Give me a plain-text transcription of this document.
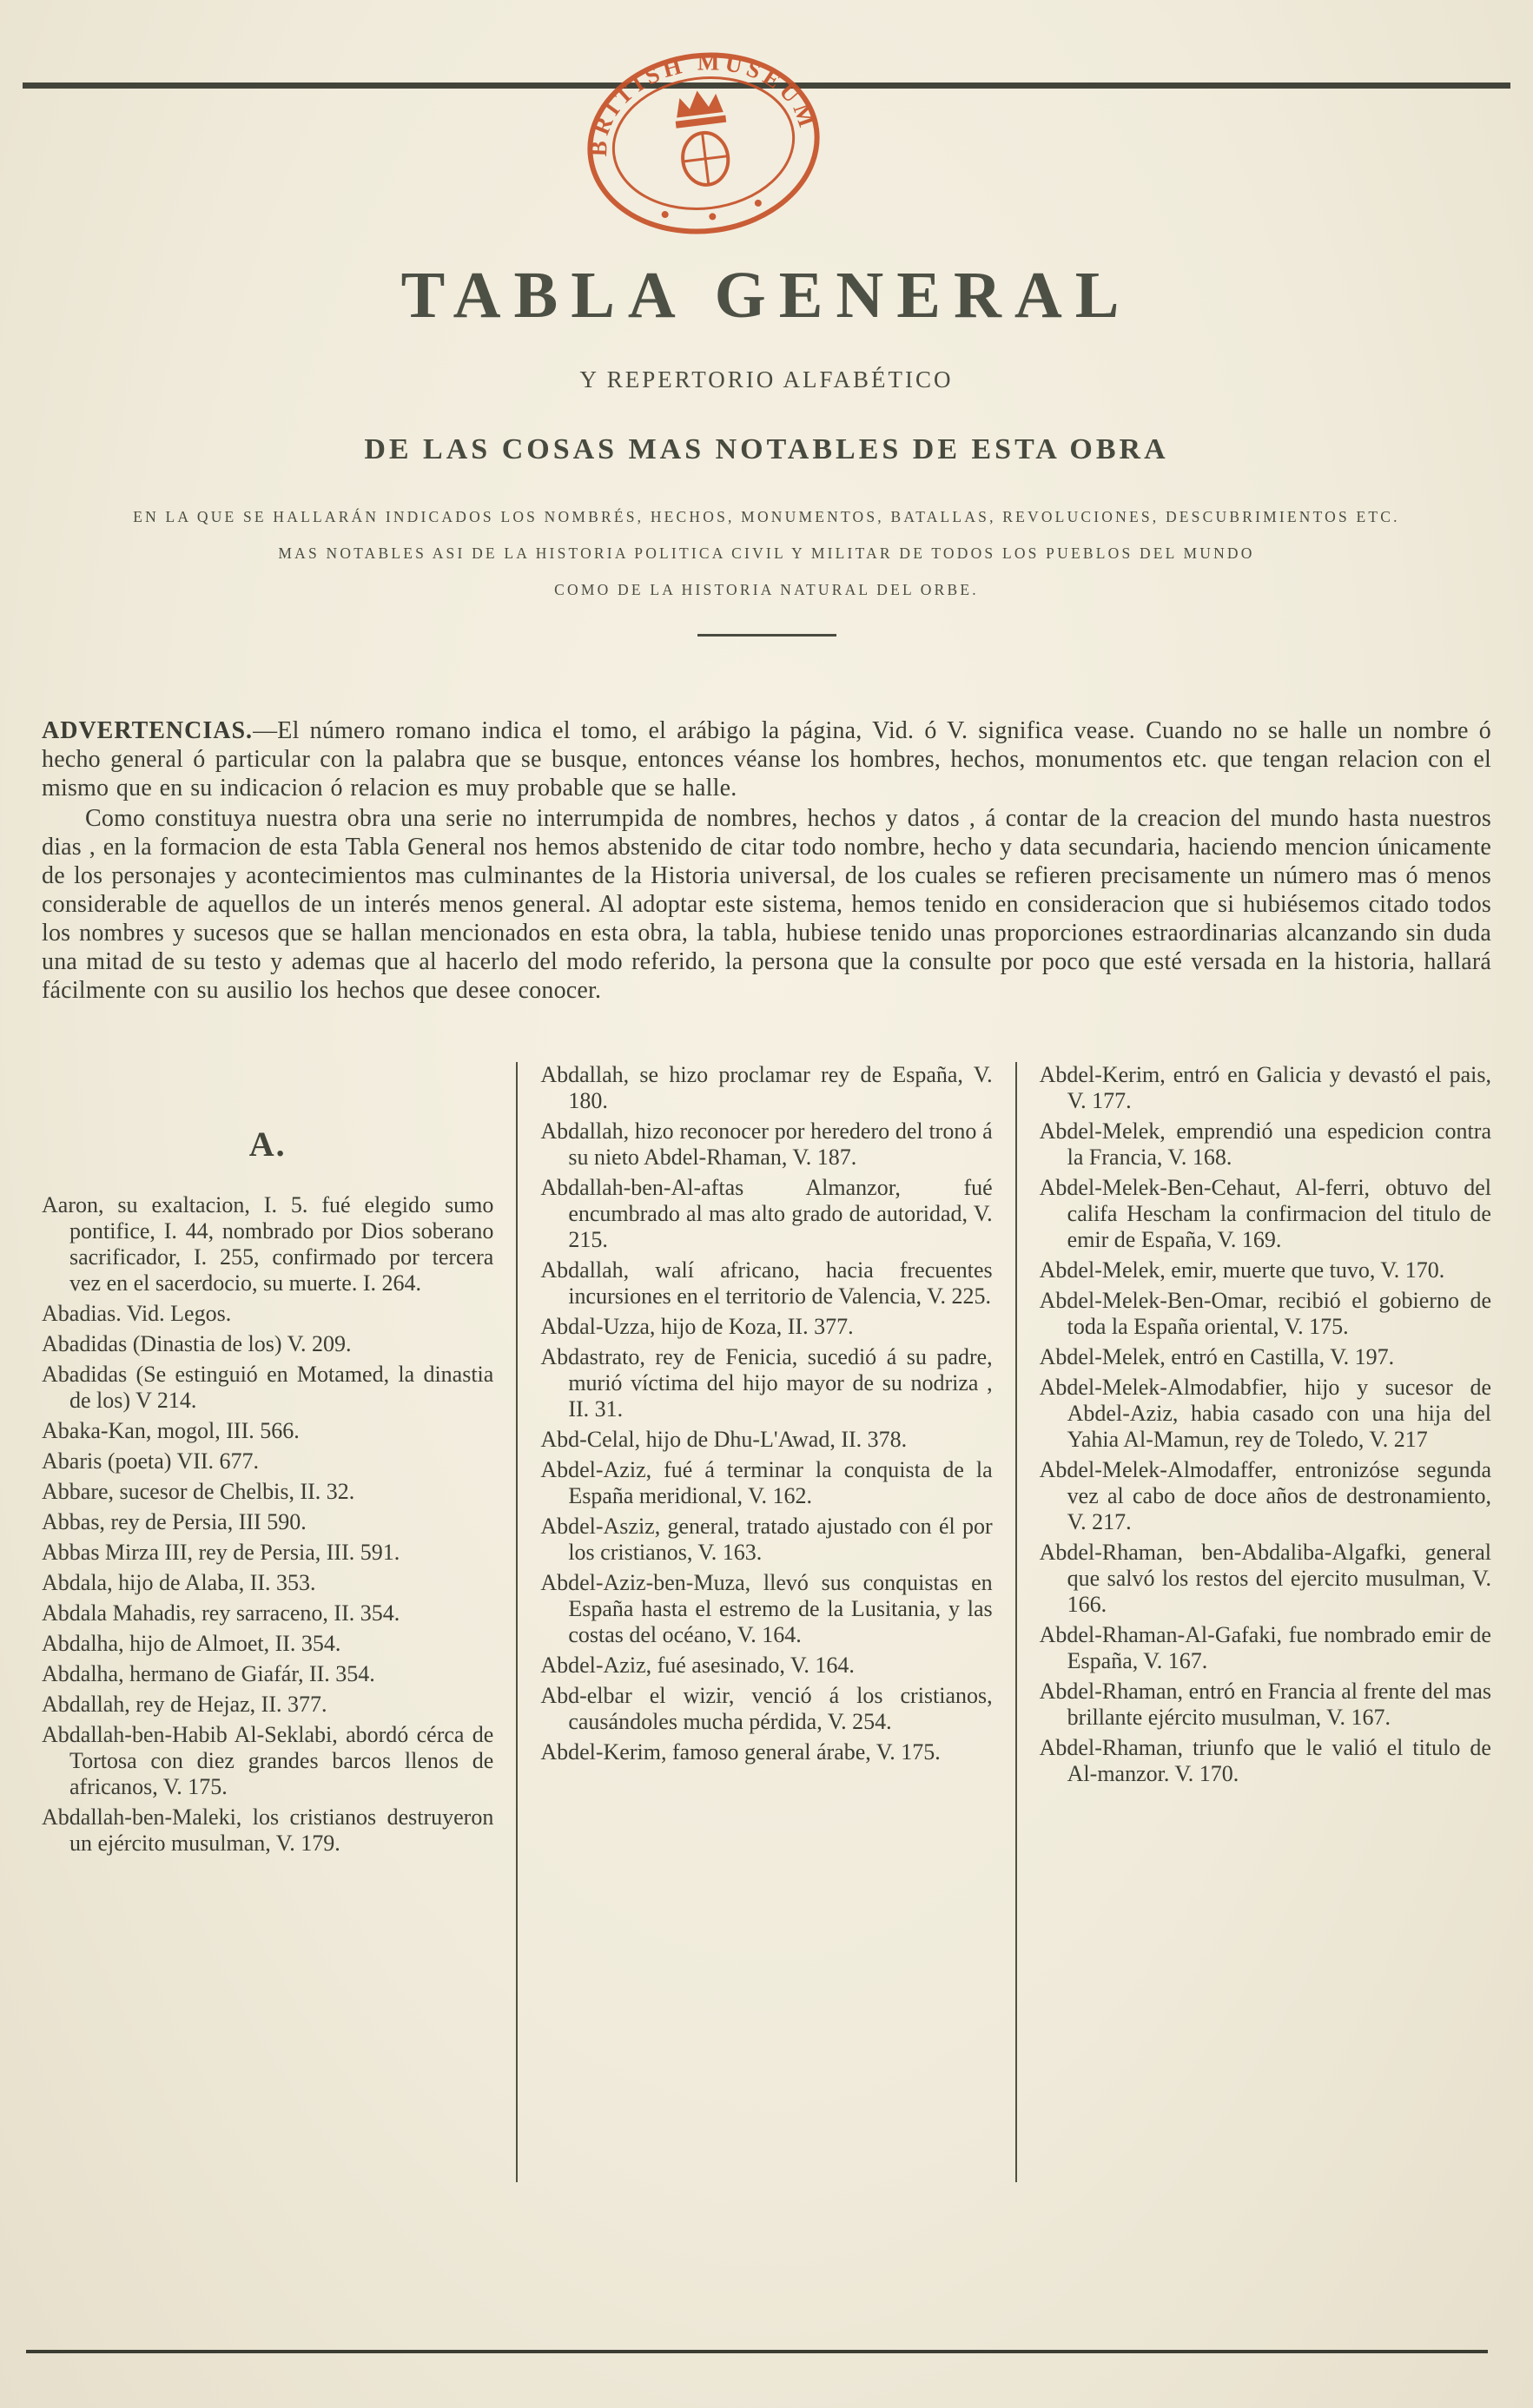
BRITISH MUSEUM
TABLA GENERAL
Y REPERTORIO ALFABÉTICO
DE LAS COSAS MAS NOTABLES DE ESTA OBRA

EN LA QUE SE HALLARÁN INDICADOS LOS NOMBRÉS, HECHOS, MONUMENTOS, BATALLAS, REVOLUCIONES, DESCUBRIMIENTOS ETC.

MAS NOTABLES ASI DE LA HISTORIA POLITICA CIVIL Y MILITAR DE TODOS LOS PUEBLOS DEL MUNDO

COMO DE LA HISTORIA NATURAL DEL ORBE.

ADVERTENCIAS.—El número romano indica el tomo, el arábigo la página, Vid. ó V. significa vease. Cuando no se halle un nombre ó hecho general ó particular con la palabra que se busque, entonces véanse los hombres, hechos, monumentos etc. que tengan relacion con el mismo que en su indicacion ó relacion es muy probable que se halle.

Como constituya nuestra obra una serie no interrumpida de nombres, hechos y datos , á contar de la creacion del mundo hasta nuestros dias , en la formacion de esta Tabla General nos hemos abstenido de citar todo nombre, hecho y data secundaria, haciendo mencion únicamente de los personajes y acontecimientos mas culminantes de la Historia universal, de los cuales se refieren precisamente un número mas ó menos considerable de aquellos de un interés menos general. Al adoptar este sistema, hemos tenido en consideracion que si hubiésemos citado todos los nombres y sucesos que se hallan mencionados en esta obra, la tabla, hubiese tenido unas proporciones estraordinarias alcanzando sin duda una mitad de su testo y ademas que al hacerlo del modo referido, la persona que la consulte por poco que esté versada en la historia, hallará fácilmente con su ausilio los hechos que desee conocer.

A.

Aaron, su exaltacion, I. 5. fué elegido sumo pontifice, I. 44, nombrado por Dios soberano sacrificador, I. 255, confirmado por tercera vez en el sacerdocio, su muerte. I. 264.

Abadias. Vid. Legos.

Abadidas (Dinastia de los) V. 209.

Abadidas (Se estinguió en Motamed, la dinastia de los) V 214.

Abaka-Kan, mogol, III. 566.

Abaris (poeta) VII. 677.

Abbare, sucesor de Chelbis, II. 32.

Abbas, rey de Persia, III 590.

Abbas Mirza III, rey de Persia, III. 591.

Abdala, hijo de Alaba, II. 353.

Abdala Mahadis, rey sarraceno, II. 354.

Abdalha, hijo de Almoet, II. 354.

Abdalha, hermano de Giafár, II. 354.

Abdallah, rey de Hejaz, II. 377.

Abdallah-ben-Habib Al-Seklabi, abordó cérca de Tortosa con diez grandes barcos llenos de africanos, V. 175.

Abdallah-ben-Maleki, los cristianos destruyeron un ejército musulman, V. 179.

Abdallah, se hizo proclamar rey de España, V. 180.

Abdallah, hizo reconocer por heredero del trono á su nieto Abdel-Rhaman, V. 187.

Abdallah-ben-Al-aftas Almanzor, fué encumbrado al mas alto grado de autoridad, V. 215.

Abdallah, walí africano, hacia frecuentes incursiones en el territorio de Valencia, V. 225.

Abdal-Uzza, hijo de Koza, II. 377.

Abdastrato, rey de Fenicia, sucedió á su padre, murió víctima del hijo mayor de su nodriza , II. 31.

Abd-Celal, hijo de Dhu-L'Awad, II. 378.

Abdel-Aziz, fué á terminar la conquista de la España meridional, V. 162.

Abdel-Asziz, general, tratado ajustado con él por los cristianos, V. 163.

Abdel-Aziz-ben-Muza, llevó sus conquistas en España hasta el estremo de la Lusitania, y las costas del océano, V. 164.

Abdel-Aziz, fué asesinado, V. 164.

Abd-elbar el wizir, venció á los cristianos, causándoles mucha pérdida, V. 254.

Abdel-Kerim, famoso general árabe, V. 175.

Abdel-Kerim, entró en Galicia y devastó el pais, V. 177.

Abdel-Melek, emprendió una espedicion contra la Francia, V. 168.

Abdel-Melek-Ben-Cehaut, Al-ferri, obtuvo del califa Hescham la confirmacion del titulo de emir de España, V. 169.

Abdel-Melek, emir, muerte que tuvo, V. 170.

Abdel-Melek-Ben-Omar, recibió el gobierno de toda la España oriental, V. 175.

Abdel-Melek, entró en Castilla, V. 197.

Abdel-Melek-Almodabfier, hijo y sucesor de Abdel-Aziz, habia casado con una hija del Yahia Al-Mamun, rey de Toledo, V. 217

Abdel-Melek-Almodaffer, entronizóse segunda vez al cabo de doce años de destronamiento, V. 217.

Abdel-Rhaman, ben-Abdaliba-Algafki, general que salvó los restos del ejercito musulman, V. 166.

Abdel-Rhaman-Al-Gafaki, fue nombrado emir de España, V. 167.

Abdel-Rhaman, entró en Francia al frente del mas brillante ejército musulman, V. 167.

Abdel-Rhaman, triunfo que le valió el titulo de Al-manzor. V. 170.
